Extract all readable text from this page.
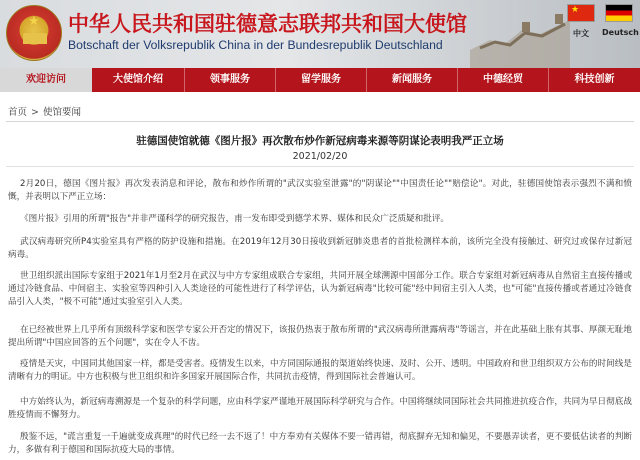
★ 中华人民共和国驻德意志联邦共和国大使馆
Botschaft der Volksrepublik China in der Bundesrepublik Deutschland
★
中文	Deutsch
欢迎访问	大使馆介绍	领事服务	留学服务	新闻服务	中德经贸	科技创新
首页 > 使馆要闻
驻德国使馆就德《图片报》再次散布炒作新冠病毒来源等阴谋论表明我严正立场
2021/02/20
2月20日，德国《图片报》再次发表消息和评论，散布和炒作所谓的"武汉实验室泄露"的"阴谋论""中国责任论""赔偿论"。对此，驻德国使馆表示强烈不满和愤慨，并表明以下严正立场：
《图片报》引用的所谓"报告"并非严谨科学的研究报告，甫一发布即受到德学术界、媒体和民众广泛质疑和批评。
武汉病毒研究所P4实验室具有严格的防护设施和措施。在2019年12月30日接收到新冠肺炎患者的首批检测样本前，该所完全没有接触过、研究过或保存过新冠病毒。
世卫组织派出国际专家组于2021年1月至2月在武汉与中方专家组成联合专家组，共同开展全球溯源中国部分工作。联合专家组对新冠病毒从自然宿主直接传播或通过冷链食品、中间宿主、实验室等四种引入人类途径的可能性进行了科学评估，认为新冠病毒"比较可能"经中间宿主引入人类，也"可能"直接传播或者通过冷链食品引入人类，"极不可能"通过实验室引入人类。
在已经被世界上几乎所有顶级科学家和医学专家公开否定的情况下，该报仍热衷于散布所谓的"武汉病毒所泄露病毒"等谣言，并在此基础上胀有其事、厚颜无耻地提出所谓"中国应回答的五个问题"，实在令人不齿。
疫情是天灾，中国同其他国家一样，都是受害者。疫情发生以来，中方同国际通报的渠道始终快速、及时、公开、透明。中国政府和世卫组织双方公布的时间线是清晰有力的明证。中方也积极与世卫组织和许多国家开展国际合作，共同抗击疫情，得到国际社会普遍认可。
中方始终认为，新冠病毒溯源是一个复杂的科学问题，应由科学家严谨地开展国际科学研究与合作。中国将继续同国际社会共同推进抗疫合作，共同为早日彻底战胜疫情而不懈努力。
殷鉴不远，"谎言重复一千遍就变成真理"的时代已经一去不返了！中方奉劝有关媒体不要一错再错，彻底摒弃无知和偏见，不要愚弄读者，更不要低估读者的判断力，多做有利于德国和国际抗疫大局的事情。
